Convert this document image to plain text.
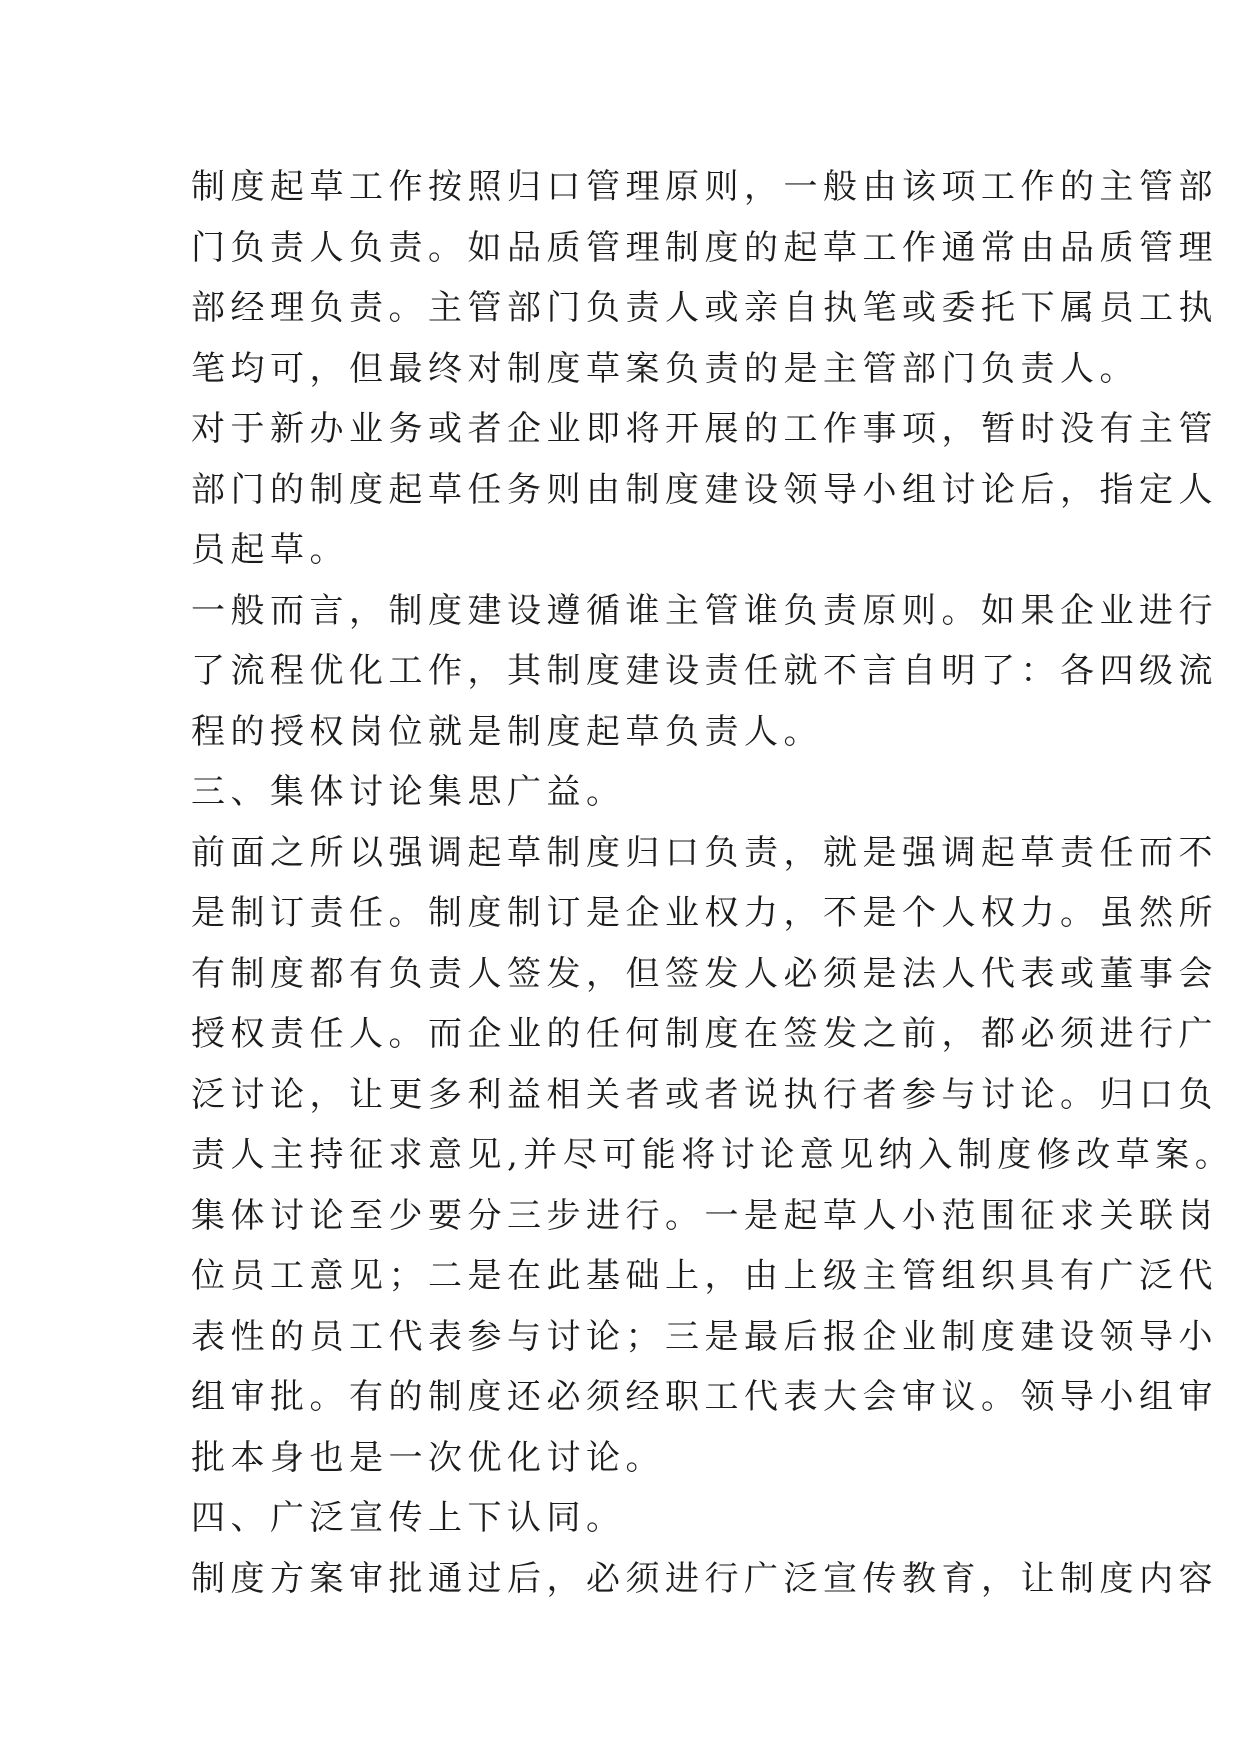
制度起草工作按照归口管理原则，一般由该项工作的主管部
门负责人负责。如品质管理制度的起草工作通常由品质管理
部经理负责。主管部门负责人或亲自执笔或委托下属员工执
笔均可，但最终对制度草案负责的是主管部门负责人。
对于新办业务或者企业即将开展的工作事项，暂时没有主管
部门的制度起草任务则由制度建设领导小组讨论后，指定人
员起草。
一般而言，制度建设遵循谁主管谁负责原则。如果企业进行
了流程优化工作，其制度建设责任就不言自明了：各四级流
程的授权岗位就是制度起草负责人。
三、集体讨论集思广益。
前面之所以强调起草制度归口负责，就是强调起草责任而不
是制订责任。制度制订是企业权力，不是个人权力。虽然所
有制度都有负责人签发，但签发人必须是法人代表或董事会
授权责任人。而企业的任何制度在签发之前，都必须进行广
泛讨论，让更多利益相关者或者说执行者参与讨论。归口负
责人主持征求意见,并尽可能将讨论意见纳入制度修改草案。
集体讨论至少要分三步进行。一是起草人小范围征求关联岗
位员工意见；二是在此基础上，由上级主管组织具有广泛代
表性的员工代表参与讨论；三是最后报企业制度建设领导小
组审批。有的制度还必须经职工代表大会审议。领导小组审
批本身也是一次优化讨论。
四、广泛宣传上下认同。
制度方案审批通过后，必须进行广泛宣传教育，让制度内容
